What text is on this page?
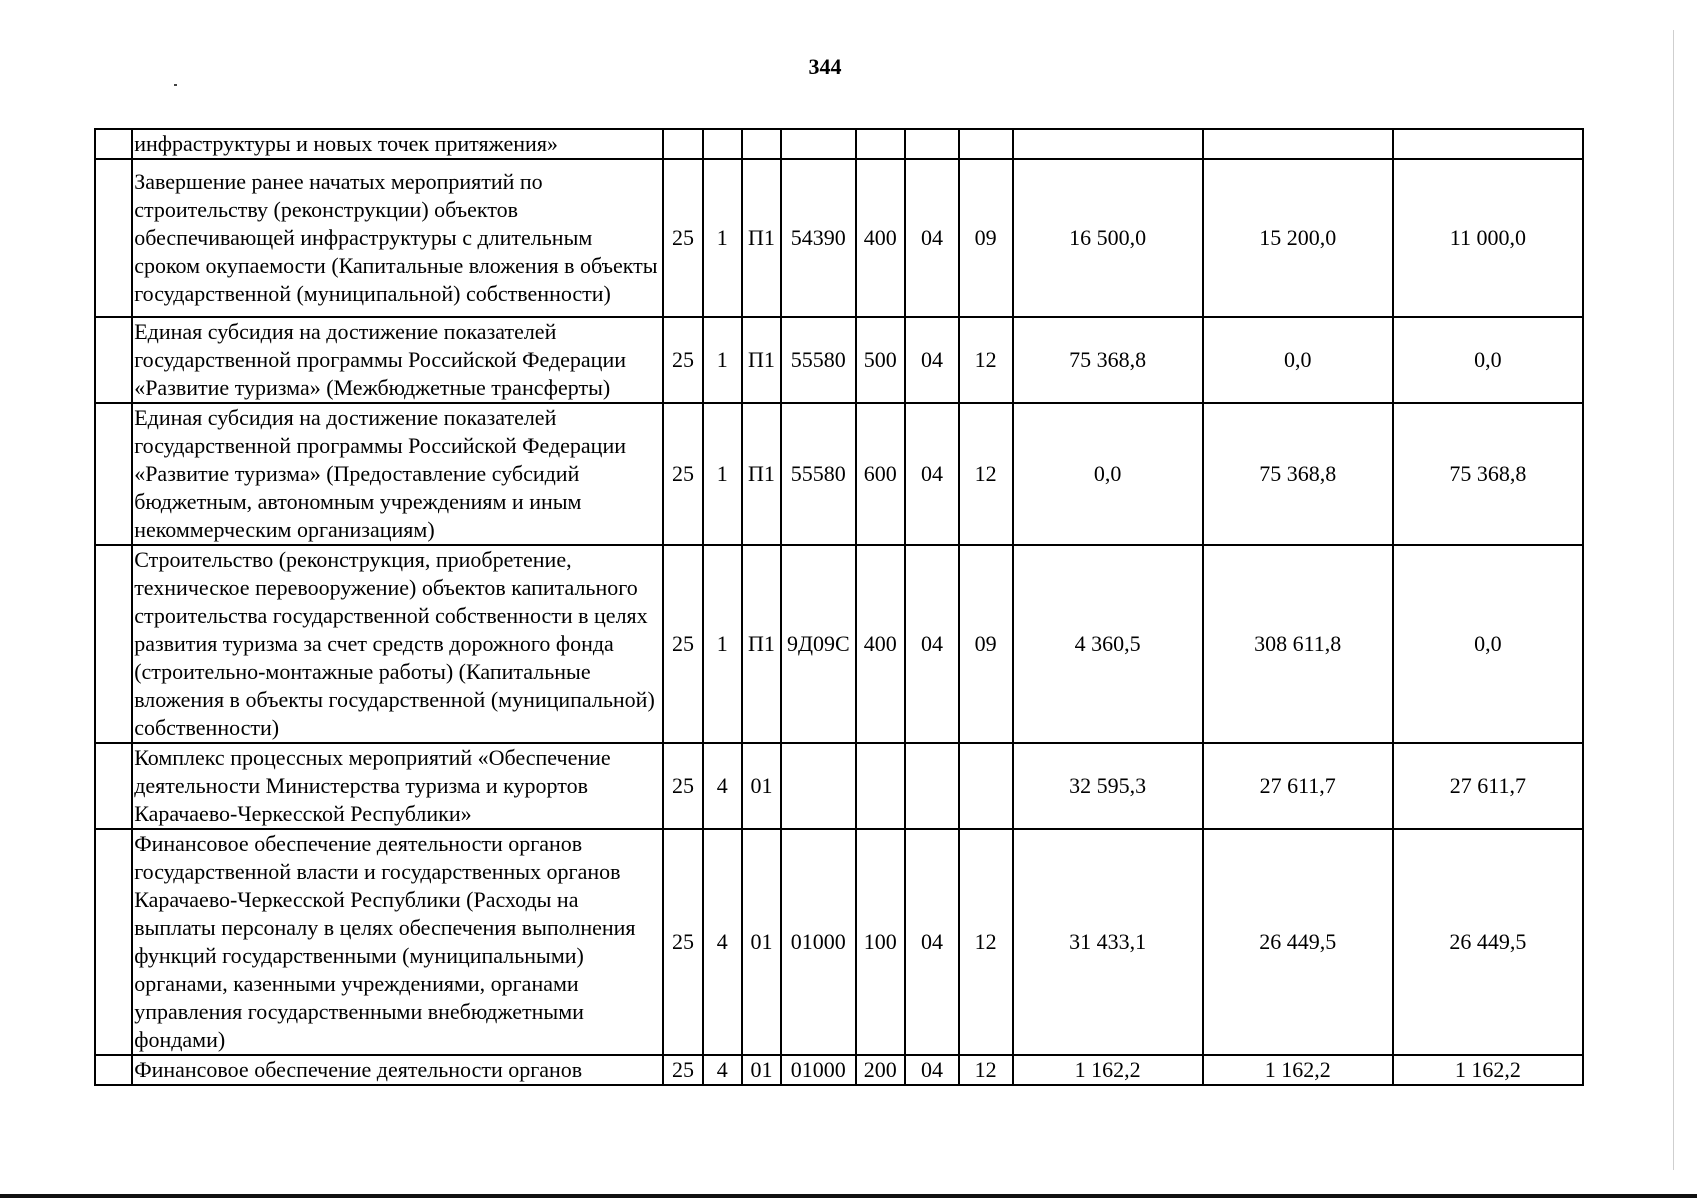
344
	инфраструктуры и новых точек притяжения»										
	Завершение ранее начатых мероприятий по строительству (реконструкции) объектов обеспечивающей инфраструктуры с длительным сроком окупаемости (Капитальные вложения в объекты государственной (муниципальной) собственности)	25	1	П1	54390	400	04	09	16 500,0	15 200,0	11 000,0
	Единая субсидия на достижение показателей государственной программы Российской Федерации «Развитие туризма» (Межбюджетные трансферты)	25	1	П1	55580	500	04	12	75 368,8	0,0	0,0
	Единая субсидия на достижение показателей государственной программы Российской Федерации «Развитие туризма» (Предоставление субсидий бюджетным, автономным учреждениям и иным некоммерческим организациям)	25	1	П1	55580	600	04	12	0,0	75 368,8	75 368,8
	Строительство (реконструкция, приобретение, техническое перевооружение) объектов капитального строительства государственной собственности в целях развития туризма за счет средств дорожного фонда (строительно-монтажные работы) (Капитальные вложения в объекты государственной (муниципальной) собственности)	25	1	П1	9Д09С	400	04	09	4 360,5	308 611,8	0,0
	Комплекс процессных мероприятий «Обеспечение деятельности Министерства туризма и курортов Карачаево-Черкесской Республики»	25	4	01					32 595,3	27 611,7	27 611,7
	Финансовое обеспечение деятельности органов государственной власти и государственных органов Карачаево-Черкесской Республики (Расходы на выплаты персоналу в целях обеспечения выполнения функций государственными (муниципальными) органами, казенными учреждениями, органами управления государственными внебюджетными фондами)	25	4	01	01000	100	04	12	31 433,1	26 449,5	26 449,5
	Финансовое обеспечение деятельности органов	25	4	01	01000	200	04	12	1 162,2	1 162,2	1 162,2
